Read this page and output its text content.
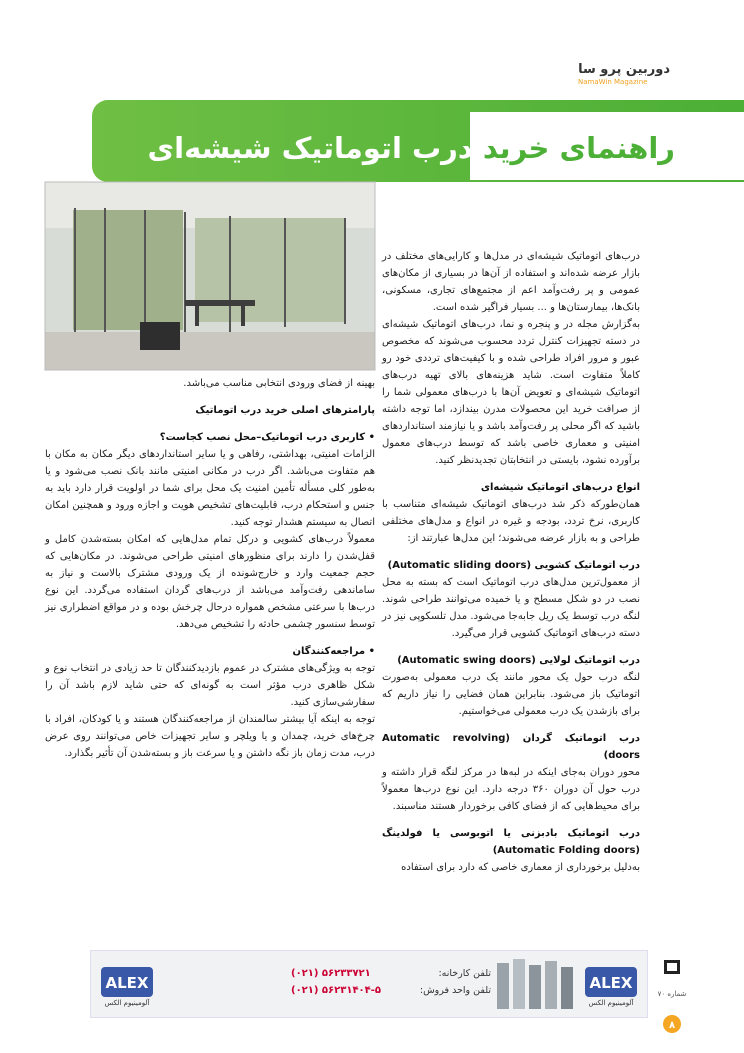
دوربین پرو سا
NamaWin Magazine
راهنمای خرید درب اتوماتیک شیشه‌ای

درب‌های اتوماتیک شیشه‌ای در مدل‌ها و کارایی‌های مختلف در بازار عرضه شده‌اند و استفاده از آن‌ها در بسیاری از مکان‌های عمومی و پر رفت‌وآمد اعم از مجتمع‌های تجاری، مسکونی، بانک‌ها، بیمارستان‌ها و ... بسیار فراگیر شده است.

به‌گزارش مجله در و پنجره و نما، درب‌های اتوماتیک شیشه‌ای در دسته تجهیزات کنترل تردد محسوب می‌شوند که مخصوص عبور و مرور افراد طراحی شده و با کیفیت‌های ترددی خود رو کاملاً متفاوت است. شاید هزینه‌های بالای تهیه درب‌های اتوماتیک شیشه‌ای و تعویض آن‌ها با درب‌های معمولی شما را از صرافت خرید این محصولات مدرن بیندازد، اما توجه داشته باشید که اگر محلی پر رفت‌وآمد باشد و یا نیازمند استانداردهای امنیتی و معماری خاصی باشد که توسط درب‌های معمول برآورده نشود، بایستی در انتخابتان تجدیدنظر کنید.

انواع درب‌های اتوماتیک شیشه‌ای

همان‌طورکه ذکر شد درب‌های اتوماتیک شیشه‌ای متناسب با کاربری، نرخ تردد، بودجه و غیره در انواع و مدل‌های مختلفی طراحی و به بازار عرضه می‌شوند؛ این مدل‌ها عبارتند از:

درب اتوماتیک کشویی (Automatic sliding doors)

از معمول‌ترین مدل‌های درب اتوماتیک است که بسته به محل نصب در دو شکل مسطح و یا خمیده می‌توانند طراحی شوند. لنگه درب توسط یک ریل جابه‌جا می‌شود. مدل تلسکوپی نیز در دسته درب‌های اتوماتیک کشویی قرار می‌گیرد.

درب اتوماتیک لولایی (Automatic swing doors)

لنگه درب حول یک محور مانند یک درب معمولی به‌صورت اتوماتیک باز می‌شود. بنابراین همان فضایی را نیاز داریم که برای بازشدن یک درب معمولی می‌خواستیم.

درب اتوماتیک گردان (Automatic revolving doors)

محور دوران به‌جای اینکه در لبه‌ها در مرکز لنگه قرار داشته و درب حول آن دوران ۳۶۰ درجه دارد. این نوع درب‌ها معمولاً برای محیط‌هایی که از فضای کافی برخوردار هستند مناسبند.

درب اتوماتیک بادبزنی یا اتوبوسی یا فولدینگ (Automatic Folding doors)

به‌دلیل برخورداری از معماری خاصی که دارد برای استفاده

بهینه از فضای ورودی انتخابی مناسب می‌باشد.

پارامترهای اصلی خرید درب اتوماتیک

• کاربری درب اتوماتیک–محل نصب کجاست؟

الزامات امنیتی، بهداشتی، رفاهی و یا سایر استانداردهای دیگر مکان به مکان با هم متفاوت می‌باشد. اگر درب در مکانی امنیتی مانند بانک نصب می‌شود و یا به‌طور کلی مسأله تأمین امنیت یک محل برای شما در اولویت قرار دارد باید به جنس و استحکام درب، قابلیت‌های تشخیص هویت و اجازه ورود و همچنین امکان اتصال به سیستم هشدار توجه کنید.

معمولاً درب‌های کشویی و درکل تمام مدل‌هایی که امکان بسته‌شدن کامل و قفل‌شدن را دارند برای منظورهای امنیتی طراحی می‌شوند. در مکان‌هایی که حجم جمعیت وارد و خارج‌شونده از یک ورودی مشترک بالاست و نیاز به ساماندهی رفت‌وآمد می‌باشد از درب‌های گردان استفاده می‌گردد. این نوع درب‌ها با سرعتی مشخص همواره درحال چرخش بوده و در مواقع اضطراری نیز توسط سنسور چشمی حادثه را تشخیص می‌دهد.

• مراجعه‌کنندگان

توجه به ویژگی‌های مشترک در عموم بازدیدکنندگان تا حد زیادی در انتخاب نوع و شکل ظاهری درب مؤثر است به گونه‌ای که حتی شاید لازم باشد آن را سفارشی‌سازی کنید.

توجه به اینکه آیا بیشتر سالمندان از مراجعه‌کنندگان هستند و یا کودکان، افراد با چرخ‌های خرید، چمدان و یا ویلچر و سایر تجهیزات خاص می‌توانند روی عرض درب، مدت زمان باز نگه داشتن و یا سرعت باز و بسته‌شدن آن تأثیر بگذارد.

ALEX
آلومینیوم الکس
(۰۲۱) ۵۶۲۳۳۷۲۱
(۰۲۱) ۵۶۲۳۱۴۰۴-۵
تلفن کارخانه:
تلفن واحد فروش:	ALEX
آلومینیوم الکس
شماره ۷۰
۸
